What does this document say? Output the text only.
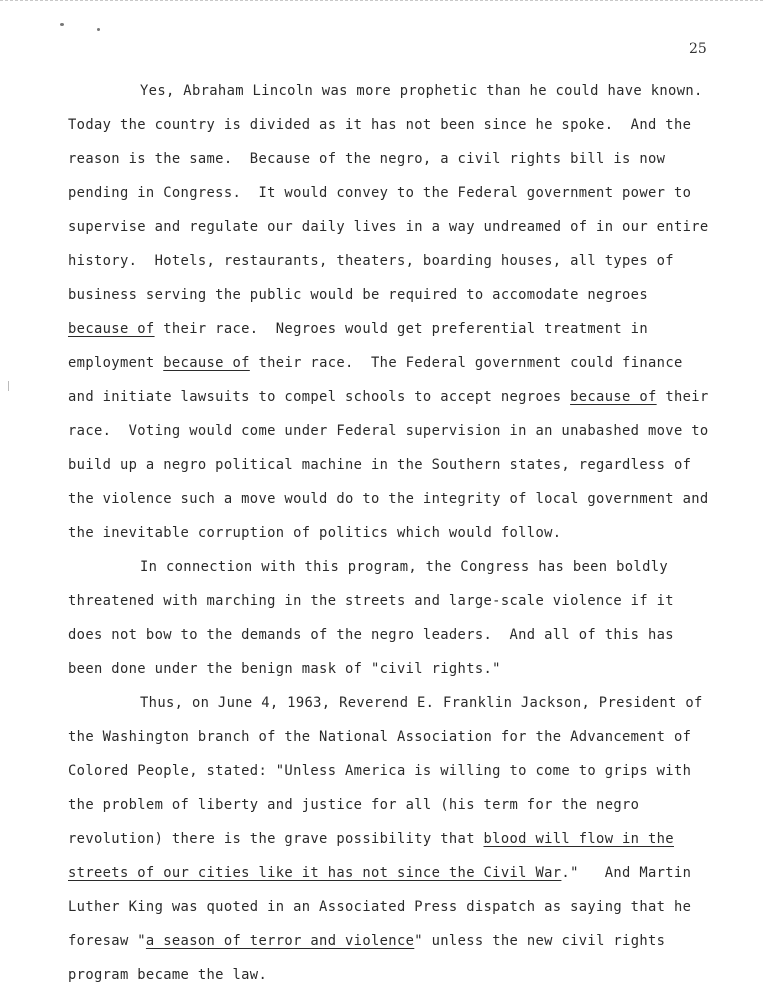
25
Yes, Abraham Lincoln was more prophetic than he could have known.
Today the country is divided as it has not been since he spoke.  And the
reason is the same.  Because of the negro, a civil rights bill is now
pending in Congress.  It would convey to the Federal government power to
supervise and regulate our daily lives in a way undreamed of in our entire
history.  Hotels, restaurants, theaters, boarding houses, all types of
business serving the public would be required to accomodate negroes
because of their race.  Negroes would get preferential treatment in
employment because of their race.  The Federal government could finance
and initiate lawsuits to compel schools to accept negroes because of their
race.  Voting would come under Federal supervision in an unabashed move to
build up a negro political machine in the Southern states, regardless of
the violence such a move would do to the integrity of local government and
the inevitable corruption of politics which would follow.
In connection with this program, the Congress has been boldly
threatened with marching in the streets and large-scale violence if it
does not bow to the demands of the negro leaders.  And all of this has
been done under the benign mask of "civil rights."
Thus, on June 4, 1963, Reverend E. Franklin Jackson, President of
the Washington branch of the National Association for the Advancement of
Colored People, stated: "Unless America is willing to come to grips with
the problem of liberty and justice for all (his term for the negro
revolution) there is the grave possibility that blood will flow in the
streets of our cities like it has not since the Civil War."   And Martin
Luther King was quoted in an Associated Press dispatch as saying that he
foresaw "a season of terror and violence" unless the new civil rights
program became the law.
